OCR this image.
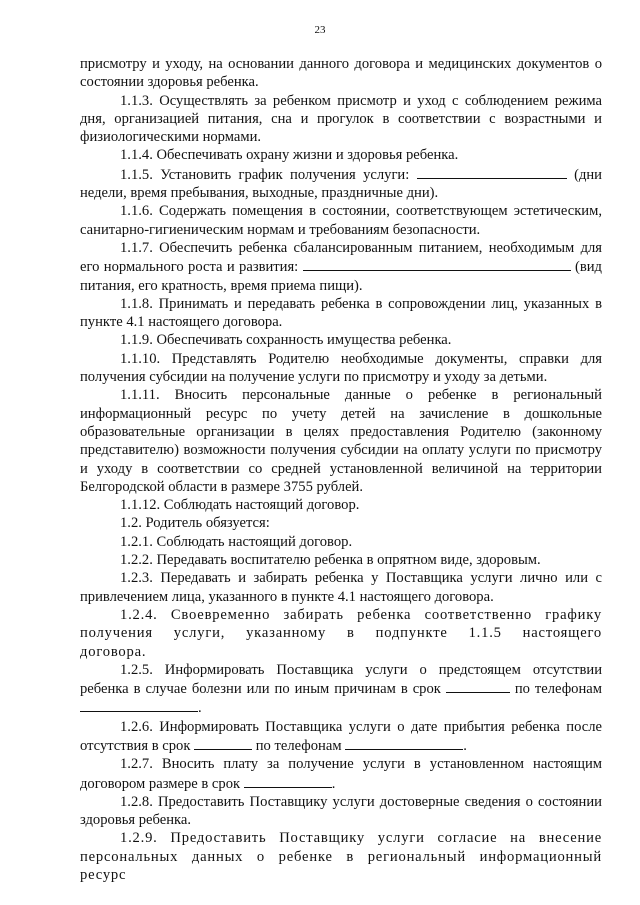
23

присмотру и уходу, на основании данного договора и медицинских документов о состоянии здоровья ребенка.

1.1.3. Осуществлять за ребенком присмотр и уход с соблюдением режима дня, организацией питания, сна и прогулок в соответствии с возрастными и физиологическими нормами.

1.1.4. Обеспечивать охрану жизни и здоровья ребенка.

1.1.5. Установить график получения услуги:	(дни недели, время пребывания, выходные, праздничные дни).

1.1.6. Содержать помещения в состоянии, соответствующем эстетическим, санитарно-гигиеническим нормам и требованиям безопасности.

1.1.7. Обеспечить ребенка сбалансированным питанием, необходимым для его нормального роста и развития:	(вид питания, его кратность, время приема пищи).

1.1.8. Принимать и передавать ребенка в сопровождении лиц, указанных в пункте 4.1 настоящего договора.

1.1.9. Обеспечивать сохранность имущества ребенка.

1.1.10. Представлять Родителю необходимые документы, справки для получения субсидии на получение услуги по присмотру и уходу за детьми.

1.1.11. Вносить персональные данные о ребенке в региональный информационный ресурс по учету детей на зачисление в дошкольные образовательные организации в целях предоставления Родителю (законному представителю) возможности получения субсидии на оплату услуги по присмотру и уходу в соответствии со средней установленной величиной на территории Белгородской области в размере 3755 рублей.

1.1.12. Соблюдать настоящий договор.

1.2. Родитель обязуется:

1.2.1. Соблюдать настоящий договор.

1.2.2. Передавать воспитателю ребенка в опрятном виде, здоровым.

1.2.3. Передавать и забирать ребенка у Поставщика услуги лично или с привлечением лица, указанного в пункте 4.1 настоящего договора.

1.2.4. Своевременно забирать ребенка соответственно графику получения услуги, указанному в подпункте 1.1.5 настоящего договора.

1.2.5. Информировать Поставщика услуги о предстоящем отсутствии ребенка в случае болезни или по иным причинам в срок	по телефонам .

1.2.6. Информировать Поставщика услуги о дате прибытия ребенка после отсутствия в срок	по телефонам	.

1.2.7. Вносить плату за получение услуги в установленном настоящим договором размере в срок	.

1.2.8. Предоставить Поставщику услуги достоверные сведения о состоянии здоровья ребенка.

1.2.9. Предоставить Поставщику услуги согласие на внесение персональных данных о ребенке в региональный информационный ресурс
